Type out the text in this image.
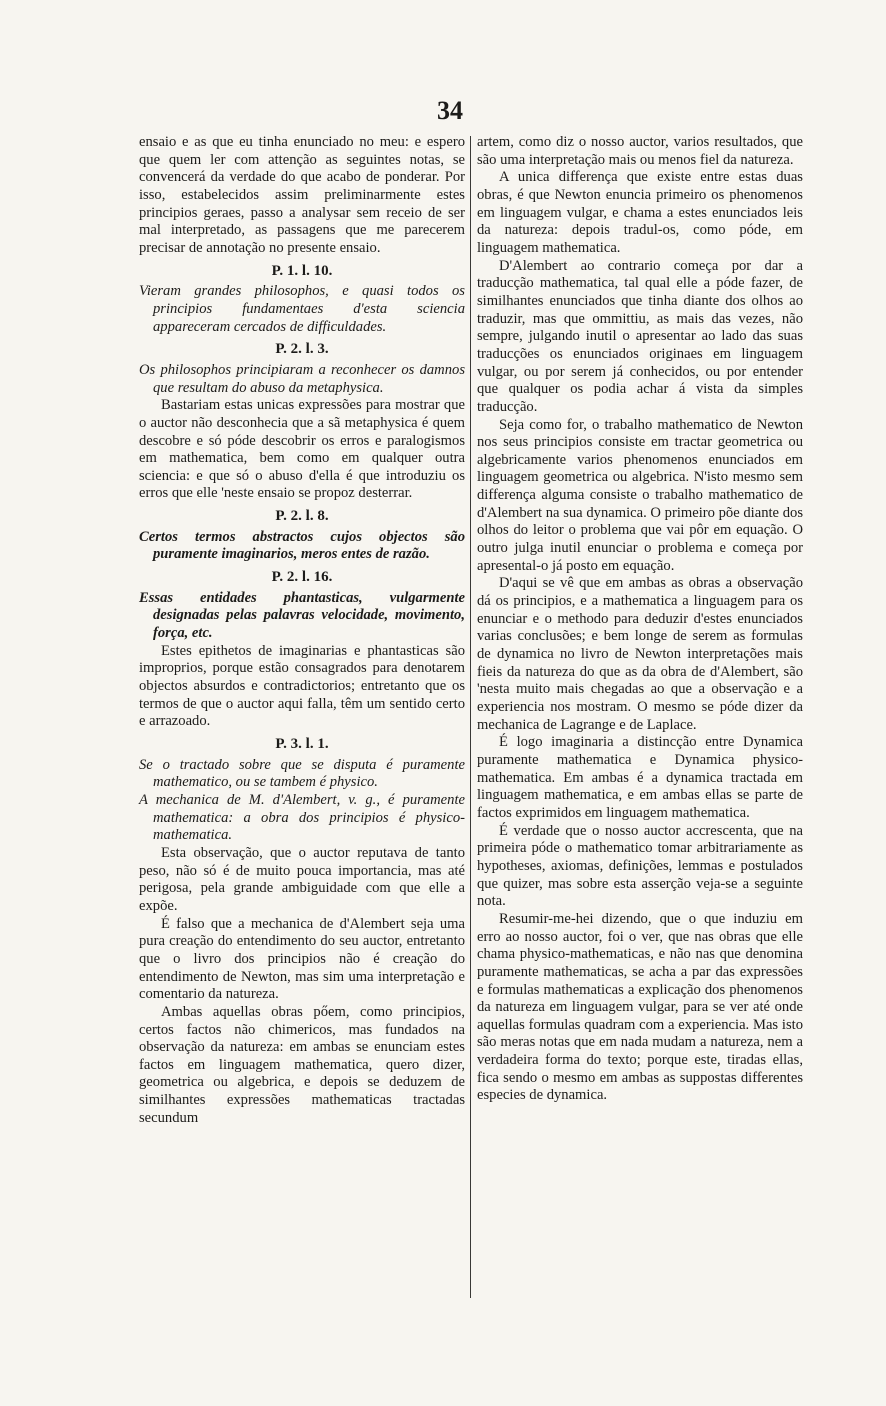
34

ensaio e as que eu tinha enunciado no meu: e espero que quem ler com attenção as seguintes notas, se convencerá da verdade do que acabo de ponderar. Por isso, estabelecidos assim preliminarmente estes principios geraes, passo a analysar sem receio de ser mal interpretado, as passagens que me parecerem precisar de annotação no presente ensaio.

P. 1. l. 10.

Vieram grandes philosophos, e quasi todos os principios fundamentaes d'esta sciencia appareceram cercados de difficuldades.

P. 2. l. 3.

Os philosophos principiaram a reconhecer os damnos que resultam do abuso da metaphysica.

Bastariam estas unicas expressões para mostrar que o auctor não desconhecia que a sã metaphysica é quem descobre e só póde descobrir os erros e paralogismos em mathematica, bem como em qualquer outra sciencia: e que só o abuso d'ella é que introduziu os erros que elle 'neste ensaio se propoz desterrar.

P. 2. l. 8.

Certos termos abstractos cujos objectos são puramente imaginarios, meros entes de razão.

P. 2. l. 16.

Essas entidades phantasticas, vulgarmente designadas pelas palavras velocidade, movimento, força, etc.

Estes epithetos de imaginarias e phantasticas são improprios, porque estão consagrados para denotarem objectos absurdos e contradictorios; entretanto que os termos de que o auctor aqui falla, têm um sentido certo e arrazoado.

P. 3. l. 1.

Se o tractado sobre que se disputa é puramente mathematico, ou se tambem é physico.

A mechanica de M. d'Alembert, v. g., é puramente mathematica: a obra dos principios é physico-mathematica.

Esta observação, que o auctor reputava de tanto peso, não só é de muito pouca importancia, mas até perigosa, pela grande ambiguidade com que elle a expõe.

É falso que a mechanica de d'Alembert seja uma pura creação do entendimento do seu auctor, entretanto que o livro dos principios não é creação do entendimento de Newton, mas sim uma interpretação e comentario da natureza.

Ambas aquellas obras pőem, como principios, certos factos não chimericos, mas fundados na observação da natureza: em ambas se enunciam estes factos em linguagem mathematica, quero dizer, geometrica ou algebrica, e depois se deduzem de similhantes expressões mathematicas tractadas secundum

artem, como diz o nosso auctor, varios resultados, que são uma interpretação mais ou menos fiel da natureza.

A unica differença que existe entre estas duas obras, é que Newton enuncia primeiro os phenomenos em linguagem vulgar, e chama a estes enunciados leis da natureza: depois tradul-os, como póde, em linguagem mathematica.

D'Alembert ao contrario começa por dar a traducção mathematica, tal qual elle a póde fazer, de similhantes enunciados que tinha diante dos olhos ao traduzir, mas que ommittiu, as mais das vezes, não sempre, julgando inutil o apresentar ao lado das suas traducções os enunciados originaes em linguagem vulgar, ou por serem já conhecidos, ou por entender que qualquer os podia achar á vista da simples traducção.

Seja como for, o trabalho mathematico de Newton nos seus principios consiste em tractar geometrica ou algebricamente varios phenomenos enunciados em linguagem geometrica ou algebrica. N'isto mesmo sem differença alguma consiste o trabalho mathematico de d'Alembert na sua dynamica. O primeiro põe diante dos olhos do leitor o problema que vai pôr em equação. O outro julga inutil enunciar o problema e começa por apresental-o já posto em equação.

D'aqui se vê que em ambas as obras a observação dá os principios, e a mathematica a linguagem para os enunciar e o methodo para deduzir d'estes enunciados varias conclusões; e bem longe de serem as formulas de dynamica no livro de Newton interpretações mais fieis da natureza do que as da obra de d'Alembert, são 'nesta muito mais chegadas ao que a observação e a experiencia nos mostram. O mesmo se póde dizer da mechanica de Lagrange e de Laplace.

É logo imaginaria a distincção entre Dynamica puramente mathematica e Dynamica physico-mathematica. Em ambas é a dynamica tractada em linguagem mathematica, e em ambas ellas se parte de factos exprimidos em linguagem mathematica.

É verdade que o nosso auctor accrescenta, que na primeira póde o mathematico tomar arbitrariamente as hypotheses, axiomas, definições, lemmas e postulados que quizer, mas sobre esta asserção veja-se a seguinte nota.

Resumir-me-hei dizendo, que o que induziu em erro ao nosso auctor, foi o ver, que nas obras que elle chama physico-mathematicas, e não nas que denomina puramente mathematicas, se acha a par das expressões e formulas mathematicas a explicação dos phenomenos da natureza em linguagem vulgar, para se ver até onde aquellas formulas quadram com a experiencia. Mas isto são meras notas que em nada mudam a natureza, nem a verdadeira forma do texto; porque este, tiradas ellas, fica sendo o mesmo em ambas as suppostas differentes especies de dynamica.
